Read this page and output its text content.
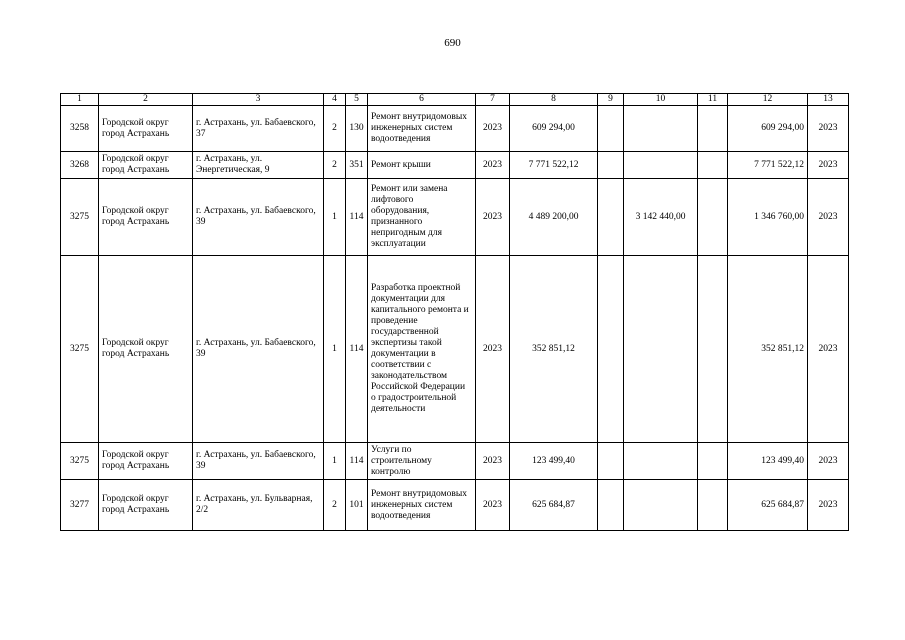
690
1	2	3	4	5	6	7	8	9	10	11	12	13
3258	Городской округ город Астрахань	г. Астрахань, ул. Бабаевского, 37	2	130	Ремонт внутридомовых инженерных систем водоотведения	2023	609 294,00				609 294,00	2023
3268	Городской округ город Астрахань	г. Астрахань, ул. Энергетическая, 9	2	351	Ремонт крыши	2023	7 771 522,12				7 771 522,12	2023
3275	Городской округ город Астрахань	г. Астрахань, ул. Бабаевского, 39	1	114	Ремонт или замена лифтового оборудования, признанного непригодным для эксплуатации	2023	4 489 200,00		3 142 440,00		1 346 760,00	2023
3275	Городской округ город Астрахань	г. Астрахань, ул. Бабаевского, 39	1	114	Разработка проектной документации для капитального ремонта и проведение государственной экспертизы такой документации в соответствии с законодательством Российской Федерации о градостроительной деятельности	2023	352 851,12				352 851,12	2023
3275	Городской округ город Астрахань	г. Астрахань, ул. Бабаевского, 39	1	114	Услуги по строительному контролю	2023	123 499,40				123 499,40	2023
3277	Городской округ город Астрахань	г. Астрахань, ул. Бульварная, 2/2	2	101	Ремонт внутридомовых инженерных систем водоотведения	2023	625 684,87				625 684,87	2023
